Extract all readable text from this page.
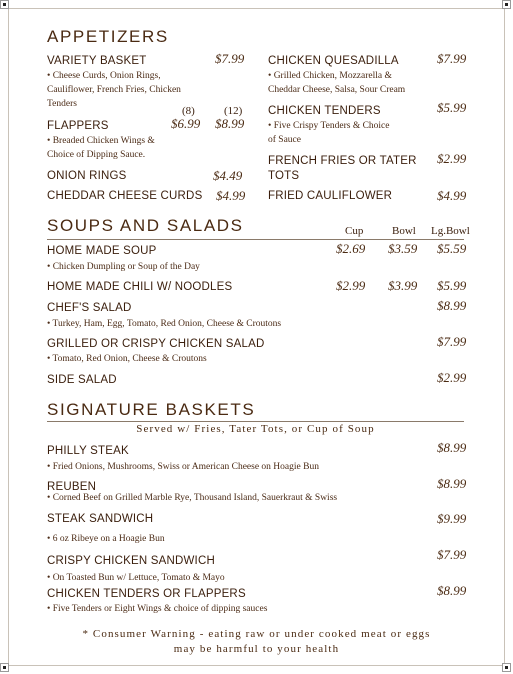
APPETIZERS
VARIETY BASKET	$7.99
• Cheese Curds, Onion Rings,
Cauliflower, French Fries, Chicken
Tenders
(8)	(12)
FLAPPERS	$6.99 $8.99
• Breaded Chicken Wings &
Choice of Dipping Sauce.
ONION RINGS	$4.49
CHEDDAR CHEESE CURDS $4.99
CHICKEN QUESADILLA	$7.99
• Grilled Chicken, Mozzarella &
Cheddar Cheese, Salsa, Sour Cream
CHICKEN TENDERS	$5.99
• Five Crispy Tenders & Choice
of Sauce
FRENCH FRIES OR TATER $2.99
TOTS
FRIED CAULIFLOWER	$4.99
SOUPS AND SALADS	Cup	Bowl Lg.Bowl
HOME MADE SOUP	$2.69 $3.59 $5.59
• Chicken Dumpling or Soup of the Day
HOME MADE CHILI W/ NOODLES	$2.99 $3.99 $5.99
CHEF'S SALAD	$8.99
• Turkey, Ham, Egg, Tomato, Red Onion, Cheese & Croutons
GRILLED OR CRISPY CHICKEN SALAD	$7.99
• Tomato, Red Onion, Cheese & Croutons
SIDE SALAD	$2.99
SIGNATURE BASKETS
Served w/ Fries, Tater Tots, or Cup of Soup
PHILLY STEAK	$8.99
• Fried Onions, Mushrooms, Swiss or American Cheese on Hoagie Bun
REUBEN	$8.99
• Corned Beef on Grilled Marble Rye, Thousand Island, Sauerkraut & Swiss
STEAK SANDWICH	$9.99
• 6 oz Ribeye on a Hoagie Bun
CRISPY CHICKEN SANDWICH	$7.99
• On Toasted Bun w/ Lettuce, Tomato & Mayo
CHICKEN TENDERS OR FLAPPERS	$8.99
• Five Tenders or Eight Wings & choice of dipping sauces
* Consumer Warning - eating raw or under cooked meat or eggs
may be harmful to your health
